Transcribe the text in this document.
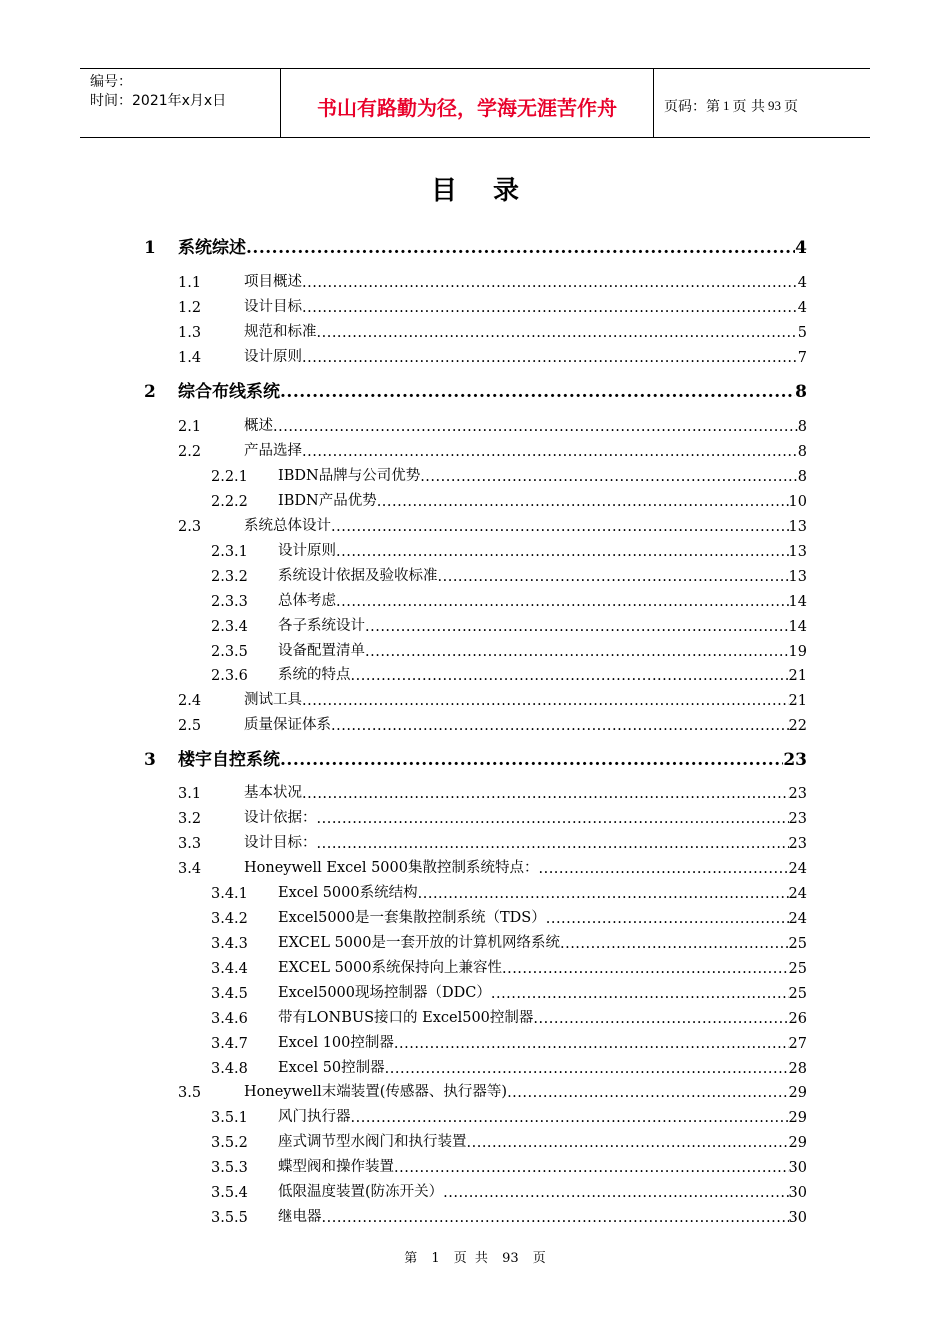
编号：
时间：2021年x月x日	书山有路勤为径，学海无涯苦作舟	页码：第 1 页 共 93 页
目录
1 系统综述 .....	4
1.1	项目概述 .....	4
1.2	设计目标 .....	4
1.3	规范和标准 .....	5
1.4	设计原则 .....	7
2 综合布线系统 .....	8
2.1	概述 .....	8
2.2	产品选择 .....	8
2.2.1 IBDN品牌与公司优势 .....	8
2.2.2 IBDN产品优势 .....	10
2.3	系统总体设计 .....	13
2.3.1 设计原则 .....	13
2.3.2 系统设计依据及验收标准 .....	13
2.3.3 总体考虑 .....	14
2.3.4 各子系统设计 .....	14
2.3.5 设备配置清单 .....	19
2.3.6 系统的特点 .....	21
2.4	测试工具 .....	21
2.5	质量保证体系 .....	22
3 楼宇自控系统 .....	23
3.1	基本状况 .....	23
3.2	设计依据： .....	23
3.3	设计目标： .....	23
3.4	Honeywell Excel 5000集散控制系统特点： .....	24
3.4.1 Excel 5000系统结构 .....	24
3.4.2 Excel5000是一套集散控制系统（TDS） .....	24
3.4.3 EXCEL 5000是一套开放的计算机网络系统 .....	25
3.4.4 EXCEL 5000系统保持向上兼容性 .....	25
3.4.5 Excel5000现场控制器（DDC） .....	25
3.4.6 带有LONBUS接口的 Excel500控制器 .....	26
3.4.7 Excel 100控制器 .....	27
3.4.8 Excel 50控制器 .....	28
3.5	Honeywell末端装置(传感器、执行器等) .....	29
3.5.1 风门执行器 .....	29
3.5.2 座式调节型水阀门和执行装置 .....	29
3.5.3 蝶型阀和操作装置 .....	30
3.5.4 低限温度装置(防冻开关） .....	30
3.5.5 继电器 .....	30
第 1 页 共 93 页
